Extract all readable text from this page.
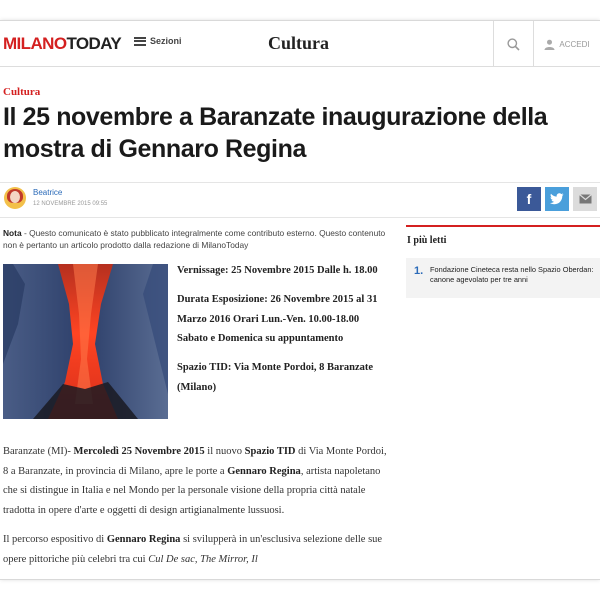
MILANOTODAY	Sezioni	Cultura	ACCEDI
Cultura
Il 25 novembre a Baranzate inaugurazione della mostra di Gennaro Regina
Beatrice
12 NOVEMBRE 2015 09:55	f
Nota - Questo comunicato è stato pubblicato integralmente come contributo esterno. Questo contenuto non è pertanto un articolo prodotto dalla redazione di MilanoToday

Vernissage: 25 Novembre 2015 Dalle h. 18.00

Durata Esposizione: 26 Novembre 2015 al 31 Marzo 2016 Orari Lun.-Ven. 10.00-18.00 Sabato e Domenica su appuntamento

Spazio TID: Via Monte Pordoi, 8 Baranzate (Milano)

Baranzate (MI)- Mercoledì 25 Novembre 2015 il nuovo Spazio TID di Via Monte Pordoi, 8 a Baranzate, in provincia di Milano, apre le porte a Gennaro Regina, artista napoletano che si distingue in Italia e nel Mondo per la personale visione della propria città natale tradotta in opere d'arte e oggetti di design artigianalmente lussuosi.

Il percorso espositivo di Gennaro Regina si svilupperà in un'esclusiva selezione delle sue opere pittoriche più celebri tra cui Cul De sac, The Mirror, Il

I più letti
1. Fondazione Cineteca resta nello Spazio Oberdan: canone agevolato per tre anni
